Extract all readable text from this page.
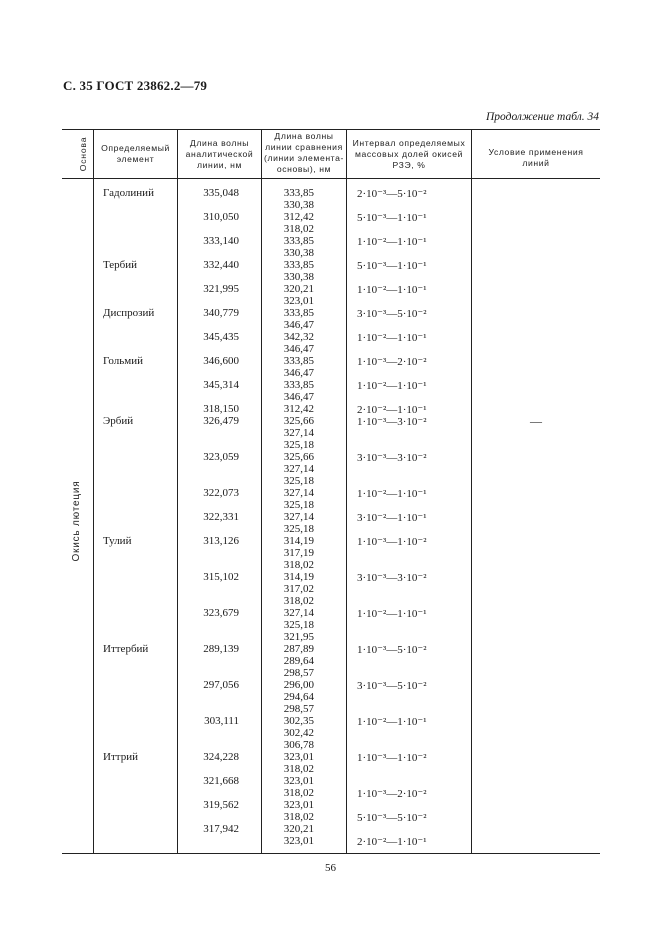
С. 35 ГОСТ 23862.2—79
Продолжение табл. 34
Основа	Определяемый
элемент
Длина волны
аналитической
линии, нм
Длина волны
линии сравнения
(линии элемента-
основы), нм
Интервал определяемых
массовых долей окисей
РЗЭ, %
Условие применения
линий
Окись лютеция
Гадолиний
Тербий
Диспрозий
Гольмий
Эрбий
Тулий
Иттербий
Иттрий
335,048
310,050
333,140
332,440
321,995
340,779
345,435
346,600
345,314
318,150
326,479
323,059
322,073
322,331
313,126
315,102
323,679
289,139
297,056
303,111
324,228
321,668
319,562
317,942
333,85
330,38
312,42
318,02
333,85
330,38
333,85
330,38
320,21
323,01
333,85
346,47
342,32
346,47
333,85
346,47
333,85
346,47
312,42
325,66
327,14
325,18
325,66
327,14
325,18
327,14
325,18
327,14
325,18
314,19
317,19
318,02
314,19
317,02
318,02
327,14
325,18
321,95
287,89
289,64
298,57
296,00
294,64
298,57
302,35
302,42
306,78
323,01
318,02
323,01
318,02
323,01
318,02
320,21
323,01
2·10⁻³—5·10⁻²
5·10⁻³—1·10⁻¹
1·10⁻²—1·10⁻¹
5·10⁻³—1·10⁻¹
1·10⁻²—1·10⁻¹
3·10⁻³—5·10⁻²
1·10⁻²—1·10⁻¹
1·10⁻³—2·10⁻²
1·10⁻²—1·10⁻¹
2·10⁻²—1·10⁻¹
1·10⁻³—3·10⁻²
3·10⁻³—3·10⁻²
1·10⁻²—1·10⁻¹
3·10⁻²—1·10⁻¹
1·10⁻³—1·10⁻²
3·10⁻³—3·10⁻²
1·10⁻²—1·10⁻¹
1·10⁻³—5·10⁻²
3·10⁻³—5·10⁻²
1·10⁻²—1·10⁻¹
1·10⁻³—1·10⁻²
1·10⁻³—2·10⁻²
5·10⁻³—5·10⁻²
2·10⁻²—1·10⁻¹
—
56
